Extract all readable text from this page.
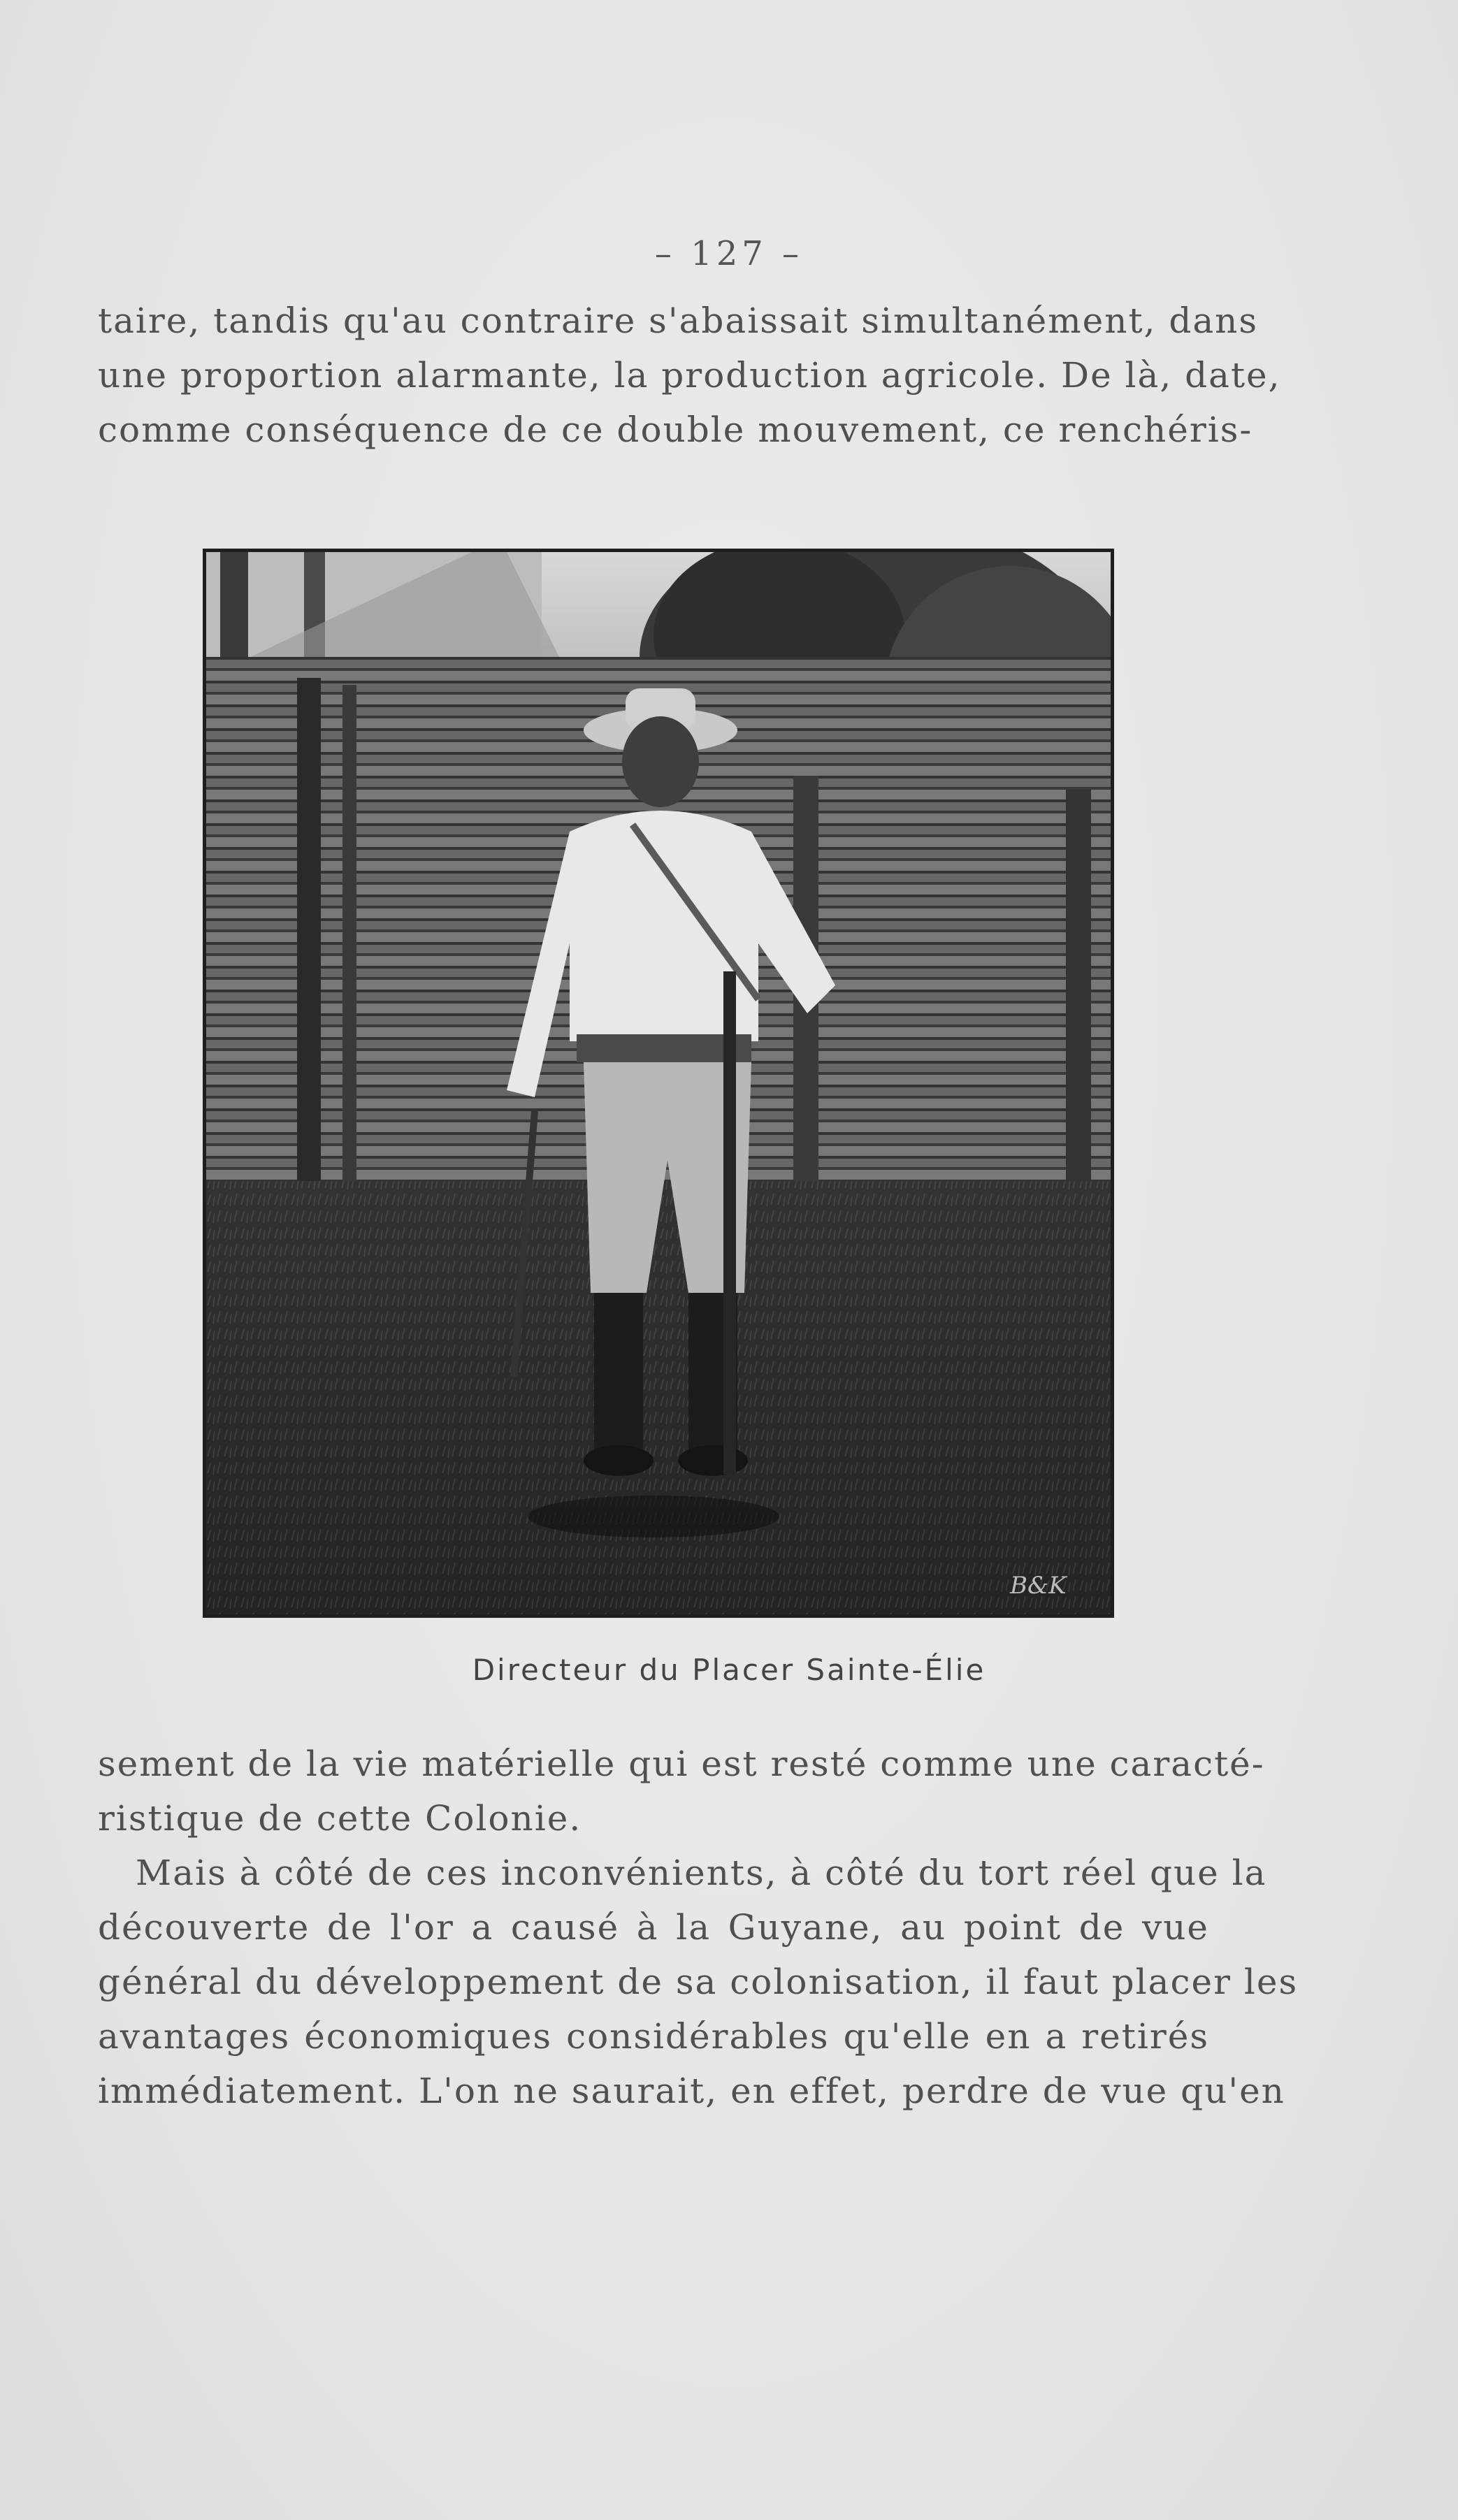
– 127 –
taire, tandis qu'au contraire s'abaissait simultanément, dans
une proportion alarmante, la production agricole. De là, date,
comme conséquence de ce double mouvement, ce renchéris-
B&K
Directeur du Placer Sainte-Élie
sement de la vie matérielle qui est resté comme une caracté-
ristique de cette Colonie.
Mais à côté de ces inconvénients, à côté du tort réel que la
découverte de l'or a causé à la Guyane, au point de vue
général du développement de sa colonisation, il faut placer les
avantages économiques considérables qu'elle en a retirés
immédiatement. L'on ne saurait, en effet, perdre de vue qu'en
